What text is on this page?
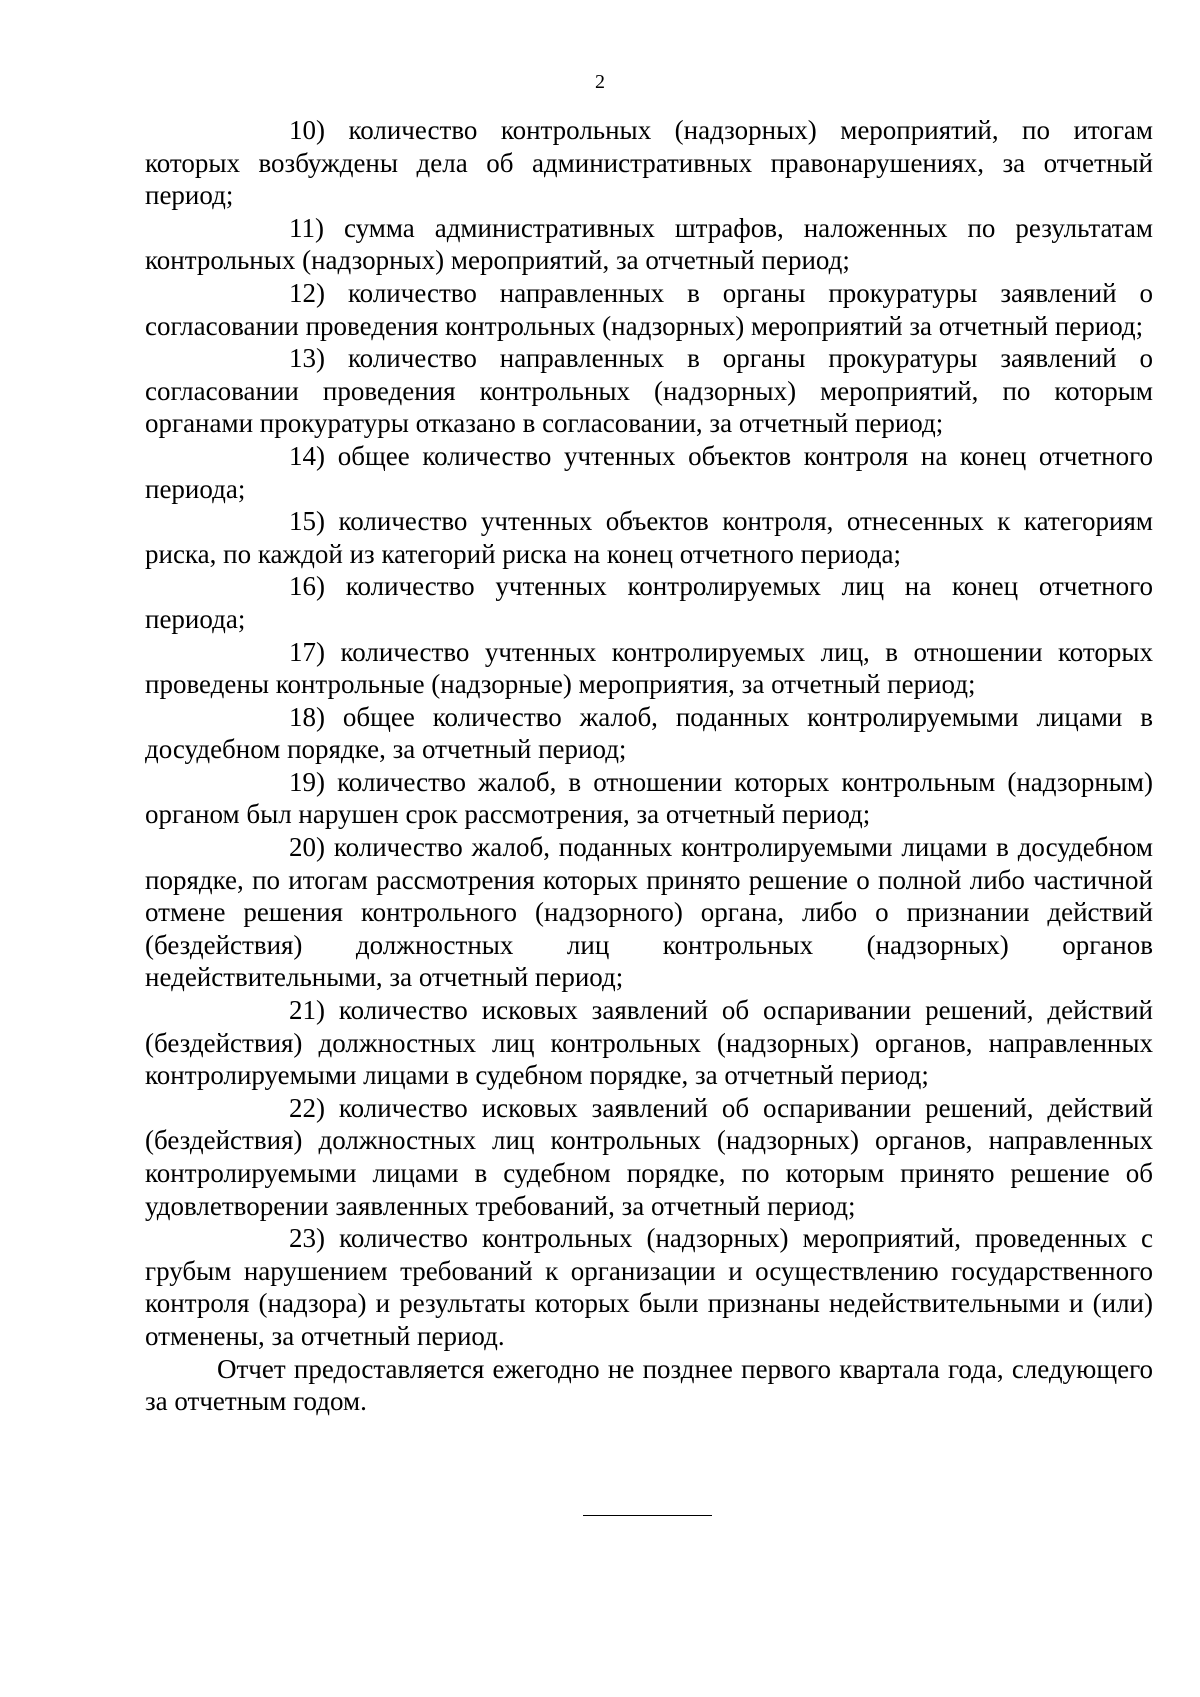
2

10) количество контрольных (надзорных) мероприятий, по итогам которых возбуждены дела об административных правонарушениях, за отчетный период;

11) сумма административных штрафов, наложенных по результатам контрольных (надзорных) мероприятий, за отчетный период;

12) количество направленных в органы прокуратуры заявлений о согласовании проведения контрольных (надзорных) мероприятий за отчетный период;

13) количество направленных в органы прокуратуры заявлений о согласовании проведения контрольных (надзорных) мероприятий, по которым органами прокуратуры отказано в согласовании, за отчетный период;

14) общее количество учтенных объектов контроля на конец отчетного периода;

15) количество учтенных объектов контроля, отнесенных к категориям риска, по каждой из категорий риска на конец отчетного периода;

16) количество учтенных контролируемых лиц на конец отчетного периода;

17) количество учтенных контролируемых лиц, в отношении которых проведены контрольные (надзорные) мероприятия, за отчетный период;

18) общее количество жалоб, поданных контролируемыми лицами в досудебном порядке, за отчетный период;

19) количество жалоб, в отношении которых контрольным (надзорным) органом был нарушен срок рассмотрения, за отчетный период;

20) количество жалоб, поданных контролируемыми лицами в досудебном порядке, по итогам рассмотрения которых принято решение о полной либо частичной отмене решения контрольного (надзорного) органа, либо о признании действий (бездействия) должностных лиц контрольных (надзорных) органов недействительными, за отчетный период;

21) количество исковых заявлений об оспаривании решений, действий (бездействия) должностных лиц контрольных (надзорных) органов, направленных контролируемыми лицами в судебном порядке, за отчетный период;

22) количество исковых заявлений об оспаривании решений, действий (бездействия) должностных лиц контрольных (надзорных) органов, направленных контролируемыми лицами в судебном порядке, по которым принято решение об удовлетворении заявленных требований, за отчетный период;

23) количество контрольных (надзорных) мероприятий, проведенных с грубым нарушением требований к организации и осуществлению государственного контроля (надзора) и результаты которых были признаны недействительными и (или) отменены, за отчетный период.

Отчет предоставляется ежегодно не позднее первого квартала года, следующего за отчетным годом.
